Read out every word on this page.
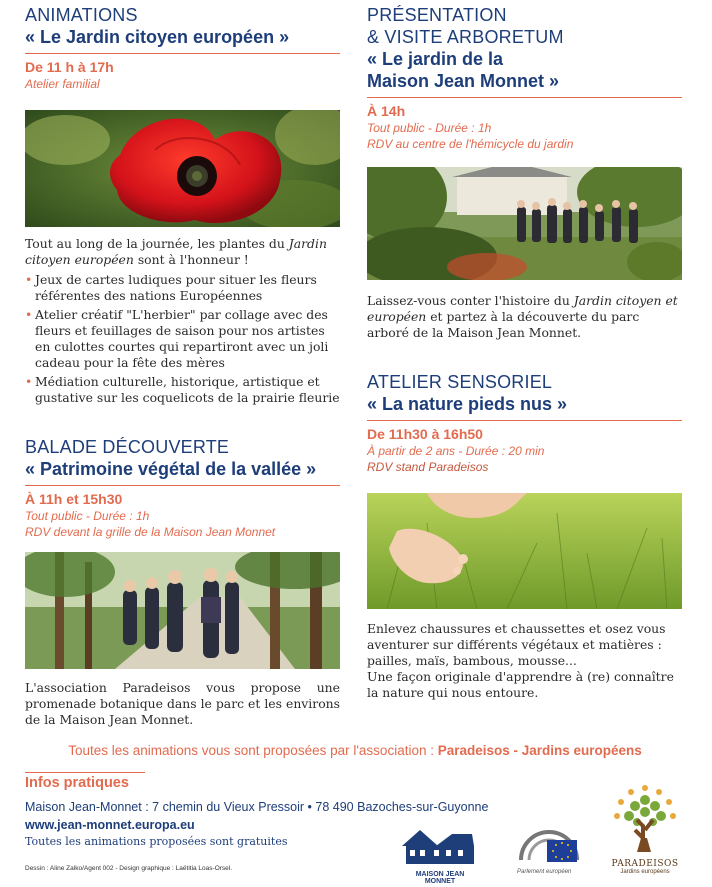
ANIMATIONS
« Le Jardin citoyen européen »
De 11 h à 17h
Atelier familial
Tout au long de la journée, les plantes du Jardin citoyen européen sont à l'honneur !
• Jeux de cartes ludiques pour situer les fleurs référentes des nations Européennes
• Atelier créatif "L'herbier" par collage avec des fleurs et feuillages de saison pour nos artistes en culottes courtes qui repartiront avec un joli cadeau pour la fête des mères
• Médiation culturelle, historique, artistique et gustative sur les coquelicots de la prairie fleurie
BALADE DÉCOUVERTE
« Patrimoine végétal de la vallée »
À 11h et 15h30
Tout public - Durée : 1h
RDV devant la grille de la Maison Jean Monnet
L'association Paradeisos vous propose une promenade botanique dans le parc et les environs de la Maison Jean Monnet.
PRÉSENTATION
& VISITE ARBORETUM
« Le jardin de la
Maison Jean Monnet »
À 14h
Tout public - Durée : 1h
RDV au centre de l'hémicycle du jardin
Laissez-vous conter l'histoire du Jardin citoyen et européen et partez à la découverte du parc arboré de la Maison Jean Monnet.
ATELIER SENSORIEL
« La nature pieds nus »
De 11h30 à 16h50
À partir de 2 ans - Durée : 20 min
RDV stand Paradeisos
Enlevez chaussures et chaussettes et osez vous aventurer sur différents végétaux et matières : pailles, maïs, bambous, mousse...
Une façon originale d'apprendre à (re) connaître la nature qui nous entoure.
Toutes les animations vous sont proposées par l'association : Paradeisos - Jardins européens
Infos pratiques
Maison Jean-Monnet : 7 chemin du Vieux Pressoir • 78 490 Bazoches-sur-Guyonne
www.jean-monnet.europa.eu
Toutes les animations proposées sont gratuites
Dessin : Aline Zalko/Agent 002 - Design graphique : Laëtitia Loas-Orsel.
MAISON JEAN MONNET
Parlement européen
PARADEISOS
Jardins européens
